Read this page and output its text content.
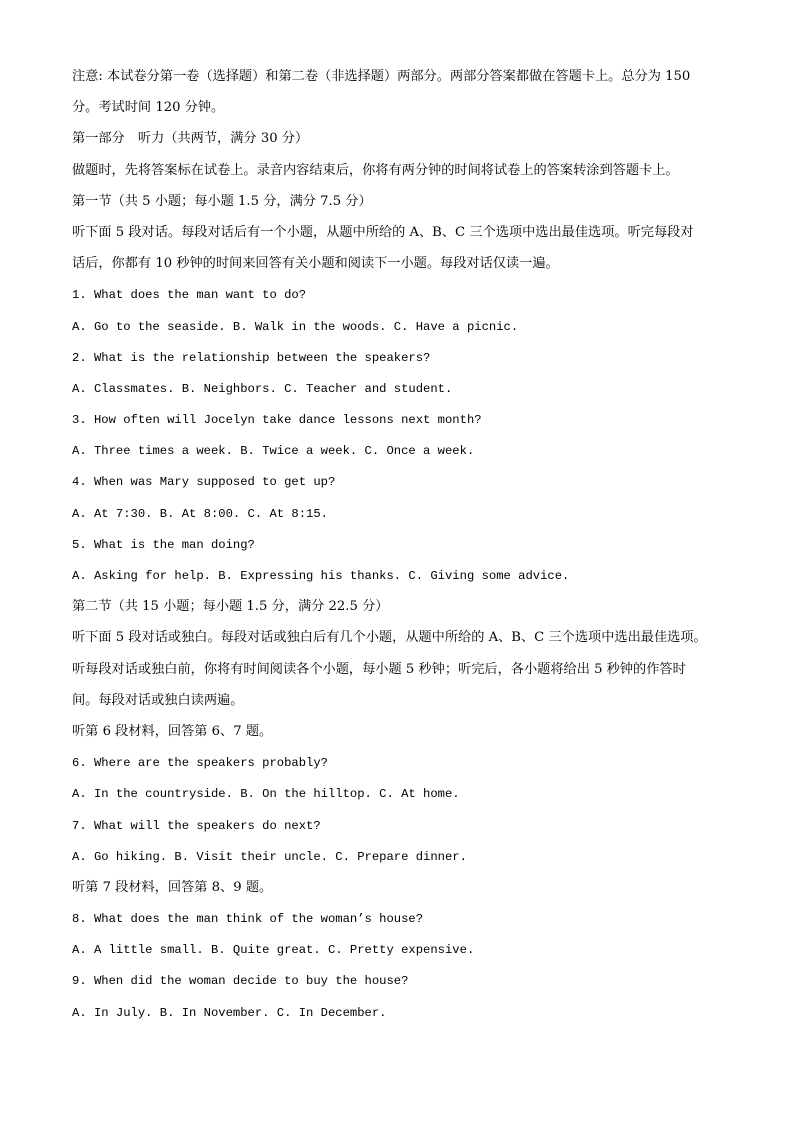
注意: 本试卷分第一卷（选择题）和第二卷（非选择题）两部分。两部分答案都做在答题卡上。总分为 150
分。考试时间 120 分钟。
第一部分　听力（共两节，满分 30 分）
做题时，先将答案标在试卷上。录音内容结束后，你将有两分钟的时间将试卷上的答案转涂到答题卡上。
第一节（共 5 小题；每小题 1.5 分，满分 7.5 分）
听下面 5 段对话。每段对话后有一个小题，从题中所给的 A、B、C 三个选项中选出最佳选项。听完每段对
话后，你都有 10 秒钟的时间来回答有关小题和阅读下一小题。每段对话仅读一遍。
1. What does the man want to do?
A. Go to the seaside. B. Walk in the woods. C. Have a picnic.
2. What is the relationship between the speakers?
A. Classmates. B. Neighbors. C. Teacher and student.
3. How often will Jocelyn take dance lessons next month?
A. Three times a week. B. Twice a week. C. Once a week.
4. When was Mary supposed to get up?
A. At 7:30. B. At 8:00. C. At 8:15.
5. What is the man doing?
A. Asking for help. B. Expressing his thanks. C. Giving some advice.
第二节（共 15 小题；每小题 1.5 分，满分 22.5 分）
听下面 5 段对话或独白。每段对话或独白后有几个小题，从题中所给的 A、B、C 三个选项中选出最佳选项。
听每段对话或独白前，你将有时间阅读各个小题，每小题 5 秒钟；听完后，各小题将给出 5 秒钟的作答时
间。每段对话或独白读两遍。
听第 6 段材料，回答第 6、7 题。
6. Where are the speakers probably?
A. In the countryside. B. On the hilltop. C. At home.
7. What will the speakers do next?
A. Go hiking. B. Visit their uncle. C. Prepare dinner.
听第 7 段材料，回答第 8、9 题。
8. What does the man think of the woman’s house?
A. A little small. B. Quite great. C. Pretty expensive.
9. When did the woman decide to buy the house?
A. In July. B. In November. C. In December.
